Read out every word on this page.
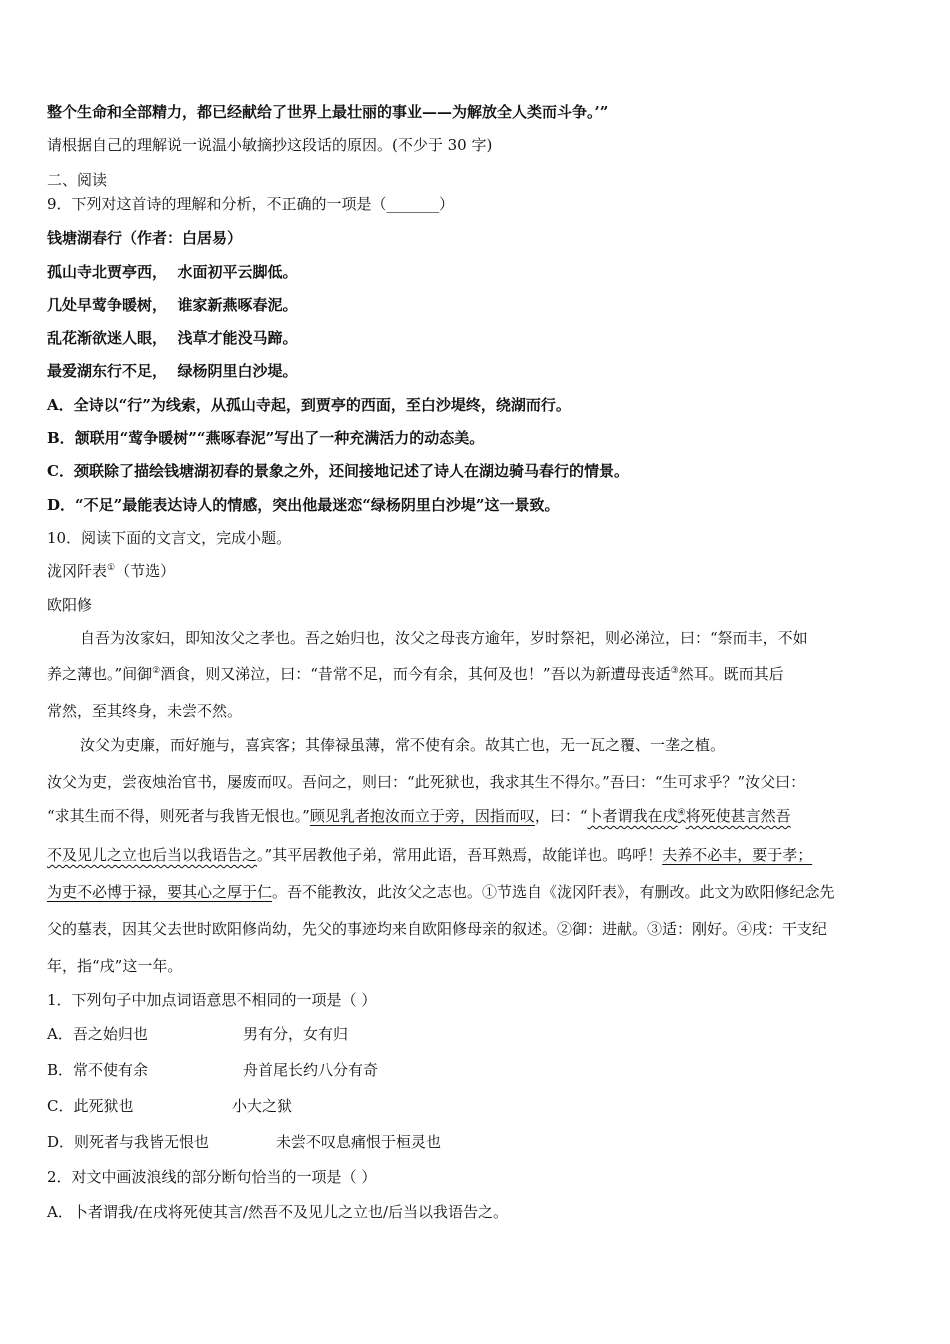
整个生命和全部精力，都已经献给了世界上最壮丽的事业——为解放全人类而斗争。’”
请根据自己的理解说一说温小敏摘抄这段话的原因。(不少于 30 字)
二、阅读
9．下列对这首诗的理解和分析，不正确的一项是（_______）
钱塘湖春行（作者：白居易）
孤山寺北贾亭西，  水面初平云脚低。
几处早莺争暖树，  谁家新燕啄春泥。
乱花渐欲迷人眼，  浅草才能没马蹄。
最爱湖东行不足，  绿杨阴里白沙堤。
A．全诗以“行”为线索，从孤山寺起，到贾亭的西面，至白沙堤终，绕湖而行。
B．颔联用“莺争暖树”“燕啄春泥”写出了一种充满活力的动态美。
C．颈联除了描绘钱塘湖初春的景象之外，还间接地记述了诗人在湖边骑马春行的情景。
D．“不足”最能表达诗人的情感，突出他最迷恋“绿杨阴里白沙堤”这一景致。
10．阅读下面的文言文，完成小题。
泷冈阡表①（节选）
欧阳修
自吾为汝家妇，即知汝父之孝也。吾之始归也，汝父之母丧方逾年，岁时祭祀，则必涕泣，曰：“祭而丰，不如
养之薄也。”间御②酒食，则又涕泣，曰：“昔常不足，而今有余，其何及也！”吾以为新遭母丧适③然耳。既而其后
常然，至其终身，未尝不然。
汝父为吏廉，而好施与，喜宾客；其俸禄虽薄，常不使有余。故其亡也，无一瓦之覆、一垄之植。
汝父为吏，尝夜烛治官书，屡废而叹。吾问之，则曰：“此死狱也，我求其生不得尔。”吾曰：“生可求乎？”汝父曰：
“求其生而不得，则死者与我皆无恨也。”顾见乳者抱汝而立于旁，因指而叹，曰：“卜者谓我在戌④将死使甚言然吾
不及见儿之立也后当以我语告之。”其平居教他子弟，常用此语，吾耳熟焉，故能详也。呜呼！夫养不必丰，要于孝；
为吏不必博于禄，要其心之厚于仁。吾不能教汝，此汝父之志也。①节选自《泷冈阡表》，有删改。此文为欧阳修纪念先
父的墓表，因其父去世时欧阳修尚幼，先父的事迹均来自欧阳修母亲的叙述。②御：进献。③适：刚好。④戌：干支纪
年，指“戌”这一年。
1．下列句子中加点词语意思不相同的一项是（ ）
A．吾之始归也	男有分，女有归
B．常不使有余	舟首尾长约八分有奇
C．此死狱也	小大之狱
D．则死者与我皆无恨也	未尝不叹息痛恨于桓灵也
2．对文中画波浪线的部分断句恰当的一项是（ ）
A．卜者谓我/在戌将死使其言/然吾不及见儿之立也/后当以我语告之。
